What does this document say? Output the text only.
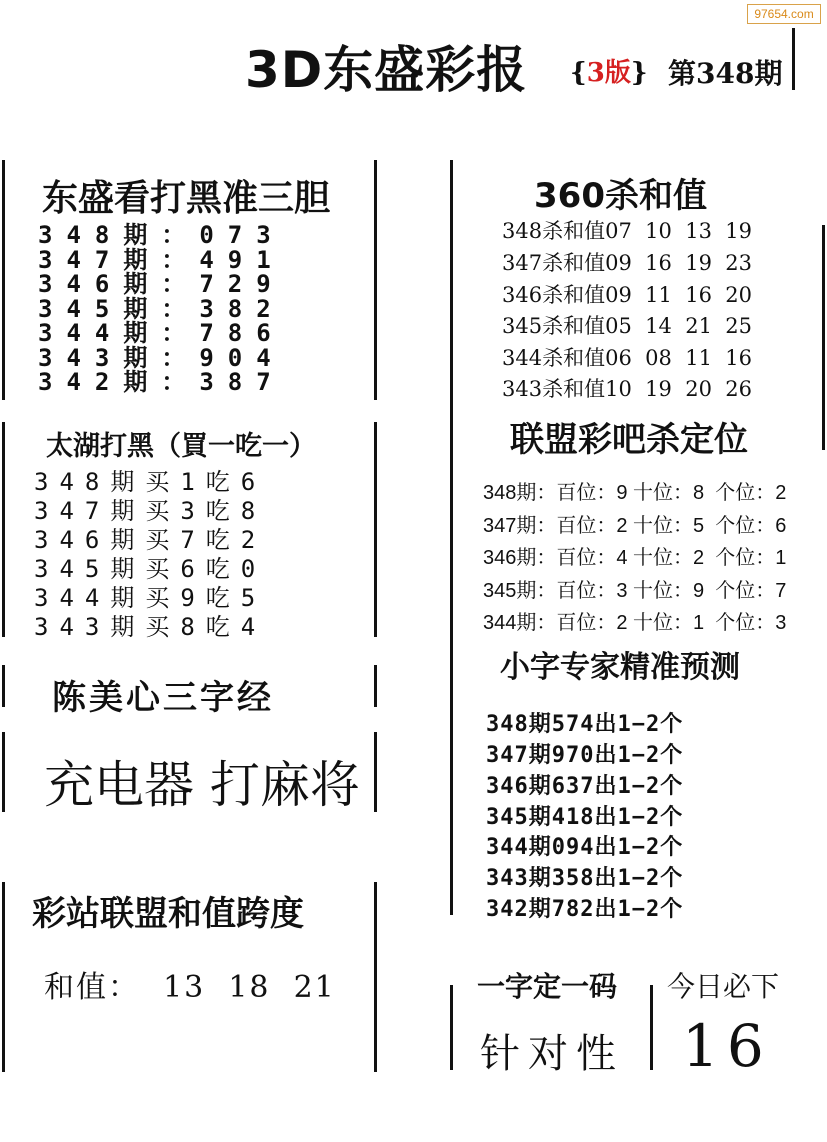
97654.com
3D东盛彩报 {3版} 第348期
东盛看打黑准三胆
348期：073
347期：491
346期：729
345期：382
344期：786
343期：904
342期：387
太湖打黑（買一吃一）
348期买1吃6
347期买3吃8
346期买7吃2
345期买6吃0
344期买9吃5
343期买8吃4
陈美心三字经
充电器 打麻将
彩站联盟和值跨度
和值：  13  18  21
360杀和值
348杀和值07  10  13  19
347杀和值09  16  19  23
346杀和值09  11  16  20
345杀和值05  14  21  25
344杀和值06  08  11  16
343杀和值10  19  20  26
联盟彩吧杀定位
348期：百位：9 十位：8  个位：2
347期：百位：2 十位：5  个位：6
346期：百位：4 十位：2  个位：1
345期：百位：3 十位：9  个位：7
344期：百位：2 十位：1  个位：3
小字专家精准预测
348期574出1−2个
347期970出1−2个
346期637出1−2个
345期418出1−2个
344期094出1−2个
343期358出1−2个
342期782出1−2个
一字定一码 今日必下
针对性 16
